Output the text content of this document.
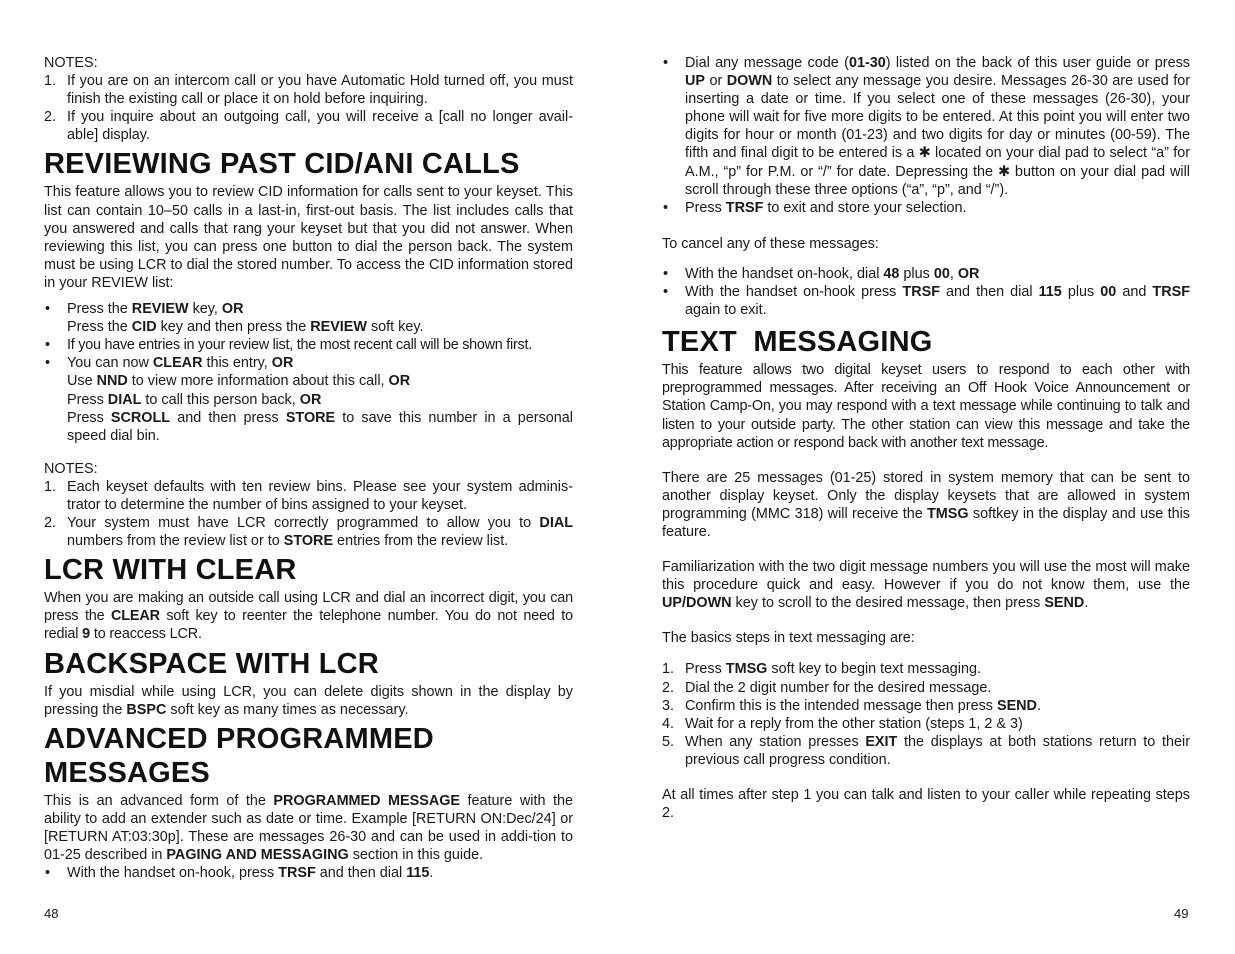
NOTES:

1. If you are on an intercom call or you have Automatic Hold turned off, you must finish the existing call or place it on hold before inquiring.
2. If you inquire about an outgoing call, you will receive a [call no longer avail-able] display.
REVIEWING PAST CID/ANI CALLS

This feature allows you to review CID information for calls sent to your keyset. This list can contain 10–50 calls in a last-in, first-out basis. The list includes calls that you answered and calls that rang your keyset but that you did not answer. When reviewing this list, you can press one button to dial the person back. The system must be using LCR to dial the stored number. To access the CID information stored in your REVIEW list:

• Press the REVIEW key, OR
Press the CID key and then press the REVIEW soft key.
• If you have entries in your review list, the most recent call will be shown first.
• You can now CLEAR this entry, OR
Use NND to view more information about this call, OR
Press DIAL to call this person back, OR
Press SCROLL and then press STORE to save this number in a personal speed dial bin.

NOTES:

1. Each keyset defaults with ten review bins. Please see your system adminis-trator to determine the number of bins assigned to your keyset.
2. Your system must have LCR correctly programmed to allow you to DIAL numbers from the review list or to STORE entries from the review list.
LCR WITH CLEAR

When you are making an outside call using LCR and dial an incorrect digit, you can press the CLEAR soft key to reenter the telephone number. You do not need to redial 9 to reaccess LCR.

BACKSPACE WITH LCR

If you misdial while using LCR, you can delete digits shown in the display by pressing the BSPC soft key as many times as necessary.

ADVANCED PROGRAMMED MESSAGES

This is an advanced form of the PROGRAMMED MESSAGE feature with the ability to add an extender such as date or time. Example [RETURN ON:Dec/24] or [RETURN AT:03:30p]. These are messages 26-30 and can be used in addi-tion to 01-25 described in PAGING AND MESSAGING section in this guide.

• With the handset on-hook, press TRSF and then dial 115.
48
• Dial any message code (01-30) listed on the back of this user guide or press UP or DOWN to select any message you desire. Messages 26-30 are used for inserting a date or time. If you select one of these messages (26-30), your phone will wait for five more digits to be entered. At this point you will enter two digits for hour or month (01-23) and two digits for day or minutes (00-59). The fifth and final digit to be entered is a ✱ located on your dial pad to select “a” for A.M., “p” for P.M. or “/” for date. Depressing the ✱ button on your dial pad will scroll through these three options (“a”, “p”, and “/”).
• Press TRSF to exit and store your selection.

To cancel any of these messages:

• With the handset on-hook, dial 48 plus 00, OR
• With the handset on-hook press TRSF and then dial 115 plus 00 and TRSF again to exit.
TEXT  MESSAGING

This feature allows two digital keyset users to respond to each other with preprogrammed messages. After receiving an Off Hook Voice Announcement or Station Camp-On, you may respond with a text message while continuing to talk and listen to your outside party. The other station can view this message and take the appropriate action or respond back with another text message.

There are 25 messages (01-25) stored in system memory that can be sent to another display keyset. Only the display keysets that are allowed in system programming (MMC 318) will receive the TMSG softkey in the display and use this feature.

Familiarization with the two digit message numbers you will use the most will make this procedure quick and easy. However if you do not know them, use the UP/DOWN key to scroll to the desired message, then press SEND.

The basics steps in text messaging are:

1. Press TMSG soft key to begin text messaging.
2. Dial the 2 digit number for the desired message.
3. Confirm this is the intended message then press SEND.
4. Wait for a reply from the other station (steps 1, 2 & 3)
5. When any station presses EXIT the displays at both stations return to their previous call progress condition.

At all times after step 1 you can talk and listen to your caller while repeating steps 2.

49
